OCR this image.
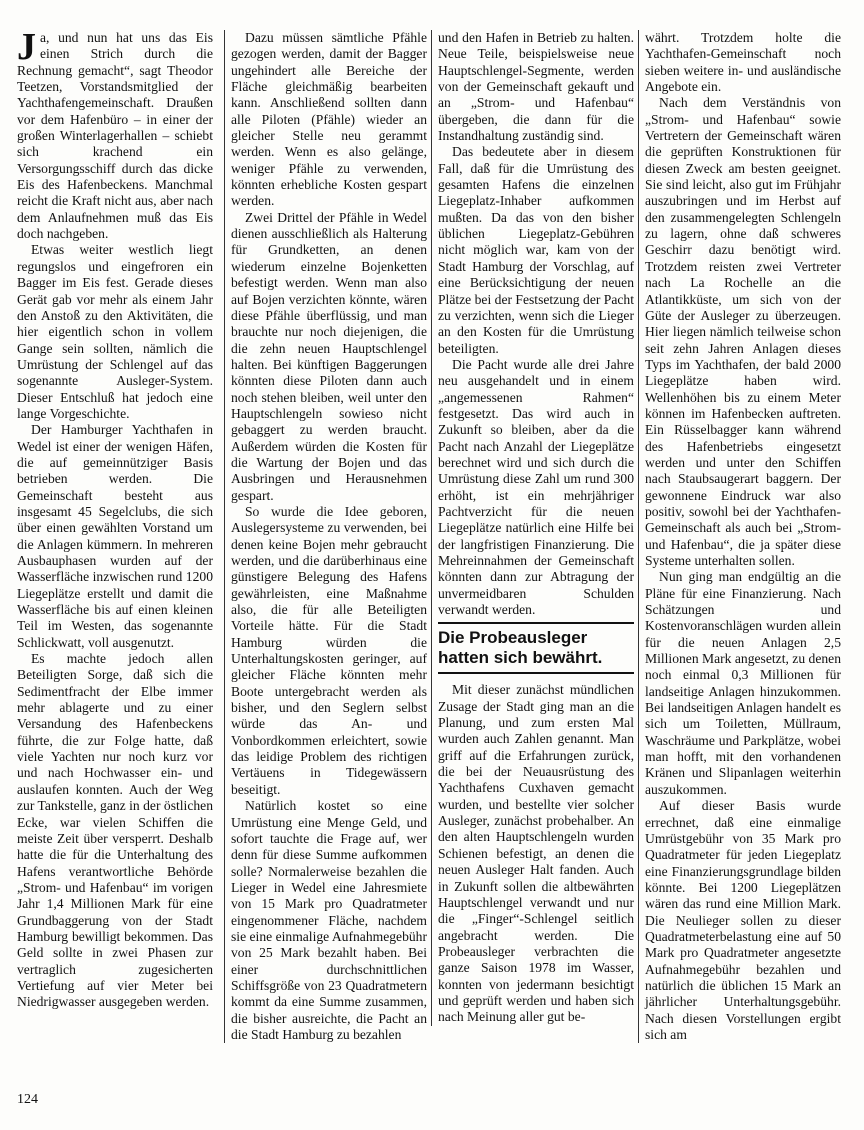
Ja, und nun hat uns das Eis einen Strich durch die Rechnung gemacht“, sagt Theodor Teetzen, Vorstandsmitglied der Yachthafengemeinschaft. Draußen vor dem Hafenbüro – in einer der großen Winterlagerhallen – schiebt sich krachend ein Versorgungsschiff durch das dicke Eis des Hafenbeckens. Manchmal reicht die Kraft nicht aus, aber nach dem Anlaufnehmen muß das Eis doch nachgeben.

Etwas weiter westlich liegt regungslos und eingefroren ein Bagger im Eis fest. Gerade dieses Gerät gab vor mehr als einem Jahr den Anstoß zu den Aktivitäten, die hier eigentlich schon in vollem Gange sein sollten, nämlich die Umrüstung der Schlengel auf das sogenannte Ausleger-System. Dieser Entschluß hat jedoch eine lange Vorgeschichte.

Der Hamburger Yachthafen in Wedel ist einer der wenigen Häfen, die auf gemeinnütziger Basis betrieben werden. Die Gemeinschaft besteht aus insgesamt 45 Segelclubs, die sich über einen gewählten Vorstand um die Anlagen kümmern. In mehreren Ausbauphasen wurden auf der Wasserfläche inzwischen rund 1200 Liegeplätze erstellt und damit die Wasserfläche bis auf einen kleinen Teil im Westen, das sogenannte Schlickwatt, voll ausgenutzt.

Es machte jedoch allen Beteiligten Sorge, daß sich die Sedimentfracht der Elbe immer mehr ablagerte und zu einer Versandung des Hafenbeckens führte, die zur Folge hatte, daß viele Yachten nur noch kurz vor und nach Hochwasser ein- und auslaufen konnten. Auch der Weg zur Tankstelle, ganz in der östlichen Ecke, war vielen Schiffen die meiste Zeit über versperrt. Deshalb hatte die für die Unterhaltung des Hafens verantwortliche Behörde „Strom- und Hafenbau“ im vorigen Jahr 1,4 Millionen Mark für eine Grundbaggerung von der Stadt Hamburg bewilligt bekommen. Das Geld sollte in zwei Phasen zur vertraglich zugesicherten Vertiefung auf vier Meter bei Niedrigwasser ausgegeben werden.

Dazu müssen sämtliche Pfähle gezogen werden, damit der Bagger ungehindert alle Bereiche der Fläche gleichmäßig bearbeiten kann. Anschließend sollten dann alle Piloten (Pfähle) wieder an gleicher Stelle neu gerammt werden. Wenn es also gelänge, weniger Pfähle zu verwenden, könnten erhebliche Kosten gespart werden.

Zwei Drittel der Pfähle in Wedel dienen ausschließlich als Halterung für Grundketten, an denen wiederum einzelne Bojenketten befestigt werden. Wenn man also auf Bojen verzichten könnte, wären diese Pfähle überflüssig, und man brauchte nur noch diejenigen, die die zehn neuen Hauptschlengel halten. Bei künftigen Baggerungen könnten diese Piloten dann auch noch stehen bleiben, weil unter den Hauptschlengeln sowieso nicht gebaggert zu werden braucht. Außerdem würden die Kosten für die Wartung der Bojen und das Ausbringen und Herausnehmen gespart.

So wurde die Idee geboren, Auslegersysteme zu verwenden, bei denen keine Bojen mehr gebraucht werden, und die darüberhinaus eine günstigere Belegung des Hafens gewährleisten, eine Maßnahme also, die für alle Beteiligten Vorteile hätte. Für die Stadt Hamburg würden die Unterhaltungskosten geringer, auf gleicher Fläche könnten mehr Boote untergebracht werden als bisher, und den Seglern selbst würde das An- und Vonbordkommen erleichtert, sowie das leidige Problem des richtigen Vertäuens in Tidegewässern beseitigt.

Natürlich kostet so eine Umrüstung eine Menge Geld, und sofort tauchte die Frage auf, wer denn für diese Summe aufkommen solle? Normalerweise bezahlen die Lieger in Wedel eine Jahresmiete von 15 Mark pro Quadratmeter eingenommener Fläche, nachdem sie eine einmalige Aufnahmegebühr von 25 Mark bezahlt haben. Bei einer durchschnittlichen Schiffsgröße von 23 Quadratmetern kommt da eine Summe zusammen, die bisher ausreichte, die Pacht an die Stadt Hamburg zu bezahlen

und den Hafen in Betrieb zu halten. Neue Teile, beispielsweise neue Hauptschlengel-Segmente, werden von der Gemeinschaft gekauft und an „Strom- und Hafenbau“ übergeben, die dann für die Instandhaltung zuständig sind.

Das bedeutete aber in diesem Fall, daß für die Umrüstung des gesamten Hafens die einzelnen Liegeplatz-Inhaber aufkommen mußten. Da das von den bisher üblichen Liegeplatz-Gebühren nicht möglich war, kam von der Stadt Hamburg der Vorschlag, auf eine Berücksichtigung der neuen Plätze bei der Festsetzung der Pacht zu verzichten, wenn sich die Lieger an den Kosten für die Umrüstung beteiligten.

Die Pacht wurde alle drei Jahre neu ausgehandelt und in einem „angemessenen Rahmen“ festgesetzt. Das wird auch in Zukunft so bleiben, aber da die Pacht nach Anzahl der Liegeplätze berechnet wird und sich durch die Umrüstung diese Zahl um rund 300 erhöht, ist ein mehrjähriger Pachtverzicht für die neuen Liegeplätze natürlich eine Hilfe bei der langfristigen Finanzierung. Die Mehreinnahmen der Gemeinschaft könnten dann zur Abtragung der unvermeidbaren Schulden verwandt werden.

Die Probeausleger
hatten sich bewährt.

Mit dieser zunächst mündlichen Zusage der Stadt ging man an die Planung, und zum ersten Mal wurden auch Zahlen genannt. Man griff auf die Erfahrungen zurück, die bei der Neuausrüstung des Yachthafens Cuxhaven gemacht wurden, und bestellte vier solcher Ausleger, zunächst probehalber. An den alten Hauptschlengeln wurden Schienen befestigt, an denen die neuen Ausleger Halt fanden. Auch in Zukunft sollen die altbewährten Hauptschlengel verwandt und nur die „Finger“-Schlengel seitlich angebracht werden. Die Probeausleger verbrachten die ganze Saison 1978 im Wasser, konnten von jedermann besichtigt und geprüft werden und haben sich nach Meinung aller gut be-

währt. Trotzdem holte die Yachthafen-Gemeinschaft noch sieben weitere in- und ausländische Angebote ein.

Nach dem Verständnis von „Strom- und Hafenbau“ sowie Vertretern der Gemeinschaft wären die geprüften Konstruktionen für diesen Zweck am besten geeignet. Sie sind leicht, also gut im Frühjahr auszubringen und im Herbst auf den zusammengelegten Schlengeln zu lagern, ohne daß schweres Geschirr dazu benötigt wird. Trotzdem reisten zwei Vertreter nach La Rochelle an die Atlantikküste, um sich von der Güte der Ausleger zu überzeugen. Hier liegen nämlich teilweise schon seit zehn Jahren Anlagen dieses Typs im Yachthafen, der bald 2000 Liegeplätze haben wird. Wellenhöhen bis zu einem Meter können im Hafenbecken auftreten. Ein Rüsselbagger kann während des Hafenbetriebs eingesetzt werden und unter den Schiffen nach Staubsaugerart baggern. Der gewonnene Eindruck war also positiv, sowohl bei der Yachthafen-Gemeinschaft als auch bei „Strom- und Hafenbau“, die ja später diese Systeme unterhalten sollen.

Nun ging man endgültig an die Pläne für eine Finanzierung. Nach Schätzungen und Kostenvoranschlägen wurden allein für die neuen Anlagen 2,5 Millionen Mark angesetzt, zu denen noch einmal 0,3 Millionen für landseitige Anlagen hinzukommen. Bei landseitigen Anlagen handelt es sich um Toiletten, Müllraum, Waschräume und Parkplätze, wobei man hofft, mit den vorhandenen Kränen und Slipanlagen weiterhin auszukommen.

Auf dieser Basis wurde errechnet, daß eine einmalige Umrüstgebühr von 35 Mark pro Quadratmeter für jeden Liegeplatz eine Finanzierungsgrundlage bilden könnte. Bei 1200 Liegeplätzen wären das rund eine Million Mark. Die Neulieger sollen zu dieser Quadratmeterbelastung eine auf 50 Mark pro Quadratmeter angesetzte Aufnahmegebühr bezahlen und natürlich die üblichen 15 Mark an jährlicher Unterhaltungsgebühr. Nach diesen Vorstellungen ergibt sich am

124
